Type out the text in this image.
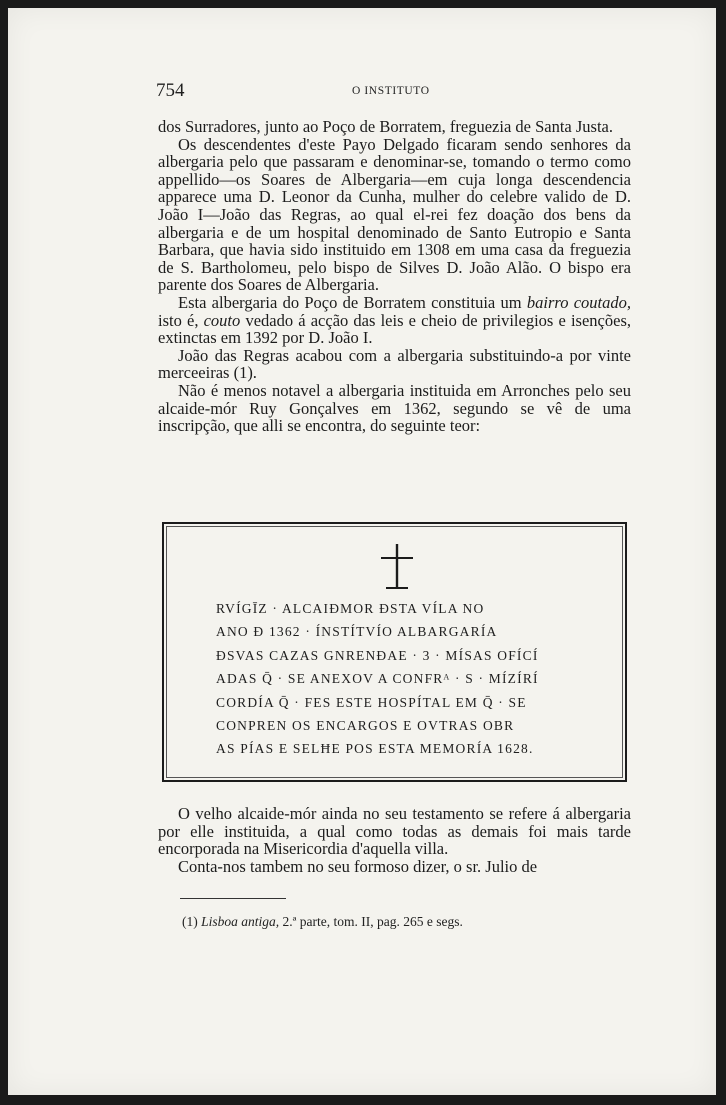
754	O INSTITUTO

dos Surradores, junto ao Poço de Borratem, freguezia de Santa Justa.

Os descendentes d'este Payo Delgado ficaram sendo senhores da albergaria pelo que passaram e denominar-se, tomando o termo como appellido—os Soares de Albergaria—em cuja longa descendencia apparece uma D. Leonor da Cunha, mulher do celebre valido de D. João I—João das Regras, ao qual el-rei fez doação dos bens da albergaria e de um hospital denominado de Santo Eutropio e Santa Barbara, que havia sido instituido em 1308 em uma casa da freguezia de S. Bartholomeu, pelo bispo de Silves D. João Alão. O bispo era parente dos Soares de Albergaria.

Esta albergaria do Poço de Borratem constituia um bairro coutado, isto é, couto vedado á acção das leis e cheio de privilegios e isenções, extinctas em 1392 por D. João I.

João das Regras acabou com a albergaria substituindo-a por vinte merceeiras (1).

Não é menos notavel a albergaria instituida em Arronches pelo seu alcaide-mór Ruy Gonçalves em 1362, segundo se vê de uma inscripção, que alli se encontra, do seguinte teor:

RVÍGĪZ · ALCAIÐMOR ÐSTA VÍLA NO
ANO Ð 1362 · ÍNSTÍTVÍO ALBARGARÍA
ÐSVAS CAZAS GNRENÐAE · 3 · MÍSAS OFÍCÍ
ADAS Q̄ · SE ANEXOV A CONFRᴬ · S · MÍZÍRÍ
CORDÍA Q̄ · FES ESTE HOSPÍTAL EM Q̄ · SE
CONPREN OS ENCARGOS E OVTRAS OBR
AS PÍAS E SELĦE POS ESTA MEMORÍA 1628.

O velho alcaide-mór ainda no seu testamento se refere á albergaria por elle instituida, a qual como todas as demais foi mais tarde encorporada na Misericordia d'aquella villa.

Conta-nos tambem no seu formoso dizer, o sr. Julio de

(1) Lisboa antiga, 2.ª parte, tom. II, pag. 265 e segs.
